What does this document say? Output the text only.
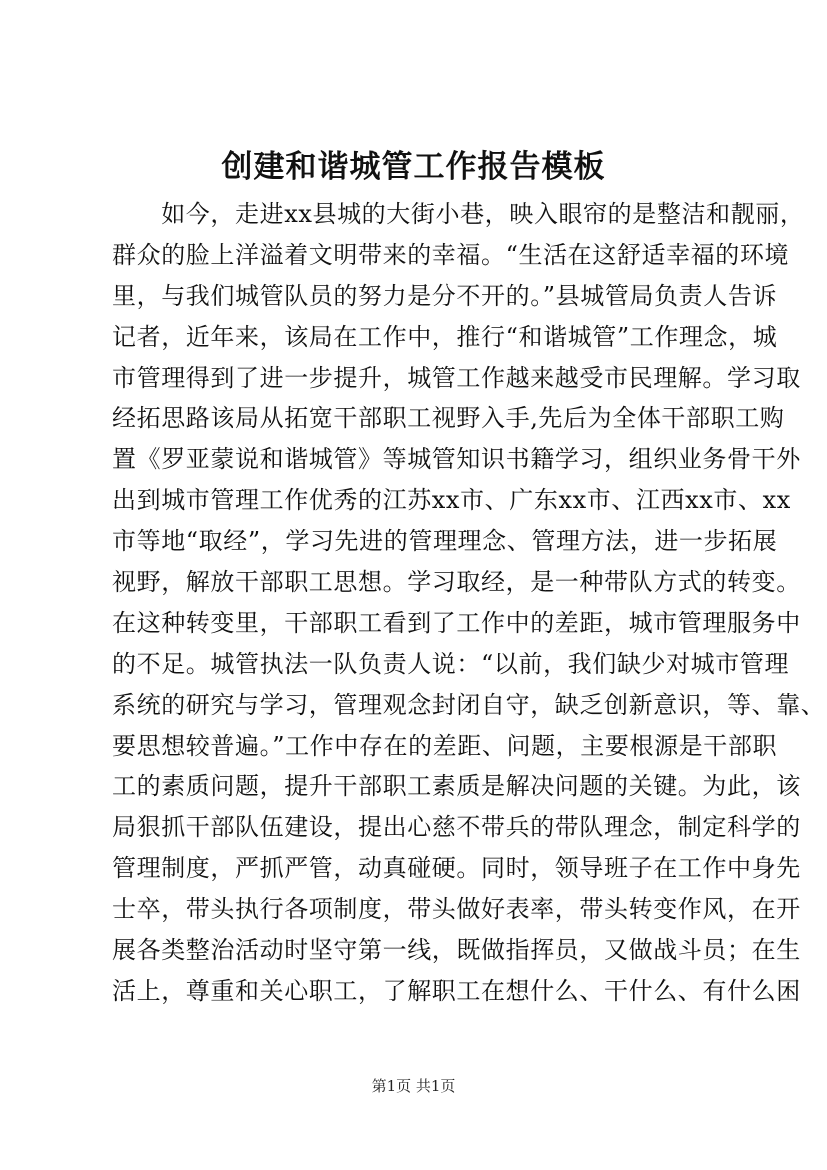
创建和谐城管工作报告模板
　　如今，走进xx县城的大街小巷，映入眼帘的是整洁和靓丽，
群众的脸上洋溢着文明带来的幸福。“生活在这舒适幸福的环境
里，与我们城管队员的努力是分不开的。”县城管局负责人告诉
记者，近年来，该局在工作中，推行“和谐城管”工作理念，城
市管理得到了进一步提升，城管工作越来越受市民理解。学习取
经拓思路该局从拓宽干部职工视野入手,先后为全体干部职工购
置《罗亚蒙说和谐城管》等城管知识书籍学习，组织业务骨干外
出到城市管理工作优秀的江苏xx市、广东xx市、江西xx市、xx
市等地“取经”，学习先进的管理理念、管理方法，进一步拓展
视野，解放干部职工思想。学习取经，是一种带队方式的转变。
在这种转变里，干部职工看到了工作中的差距，城市管理服务中
的不足。城管执法一队负责人说：“以前，我们缺少对城市管理
系统的研究与学习，管理观念封闭自守，缺乏创新意识，等、靠、
要思想较普遍。”工作中存在的差距、问题，主要根源是干部职
工的素质问题，提升干部职工素质是解决问题的关键。为此，该
局狠抓干部队伍建设，提出心慈不带兵的带队理念，制定科学的
管理制度，严抓严管，动真碰硬。同时，领导班子在工作中身先
士卒，带头执行各项制度，带头做好表率，带头转变作风，在开
展各类整治活动时坚守第一线，既做指挥员，又做战斗员；在生
活上，尊重和关心职工，了解职工在想什么、干什么、有什么困
第1页 共1页
